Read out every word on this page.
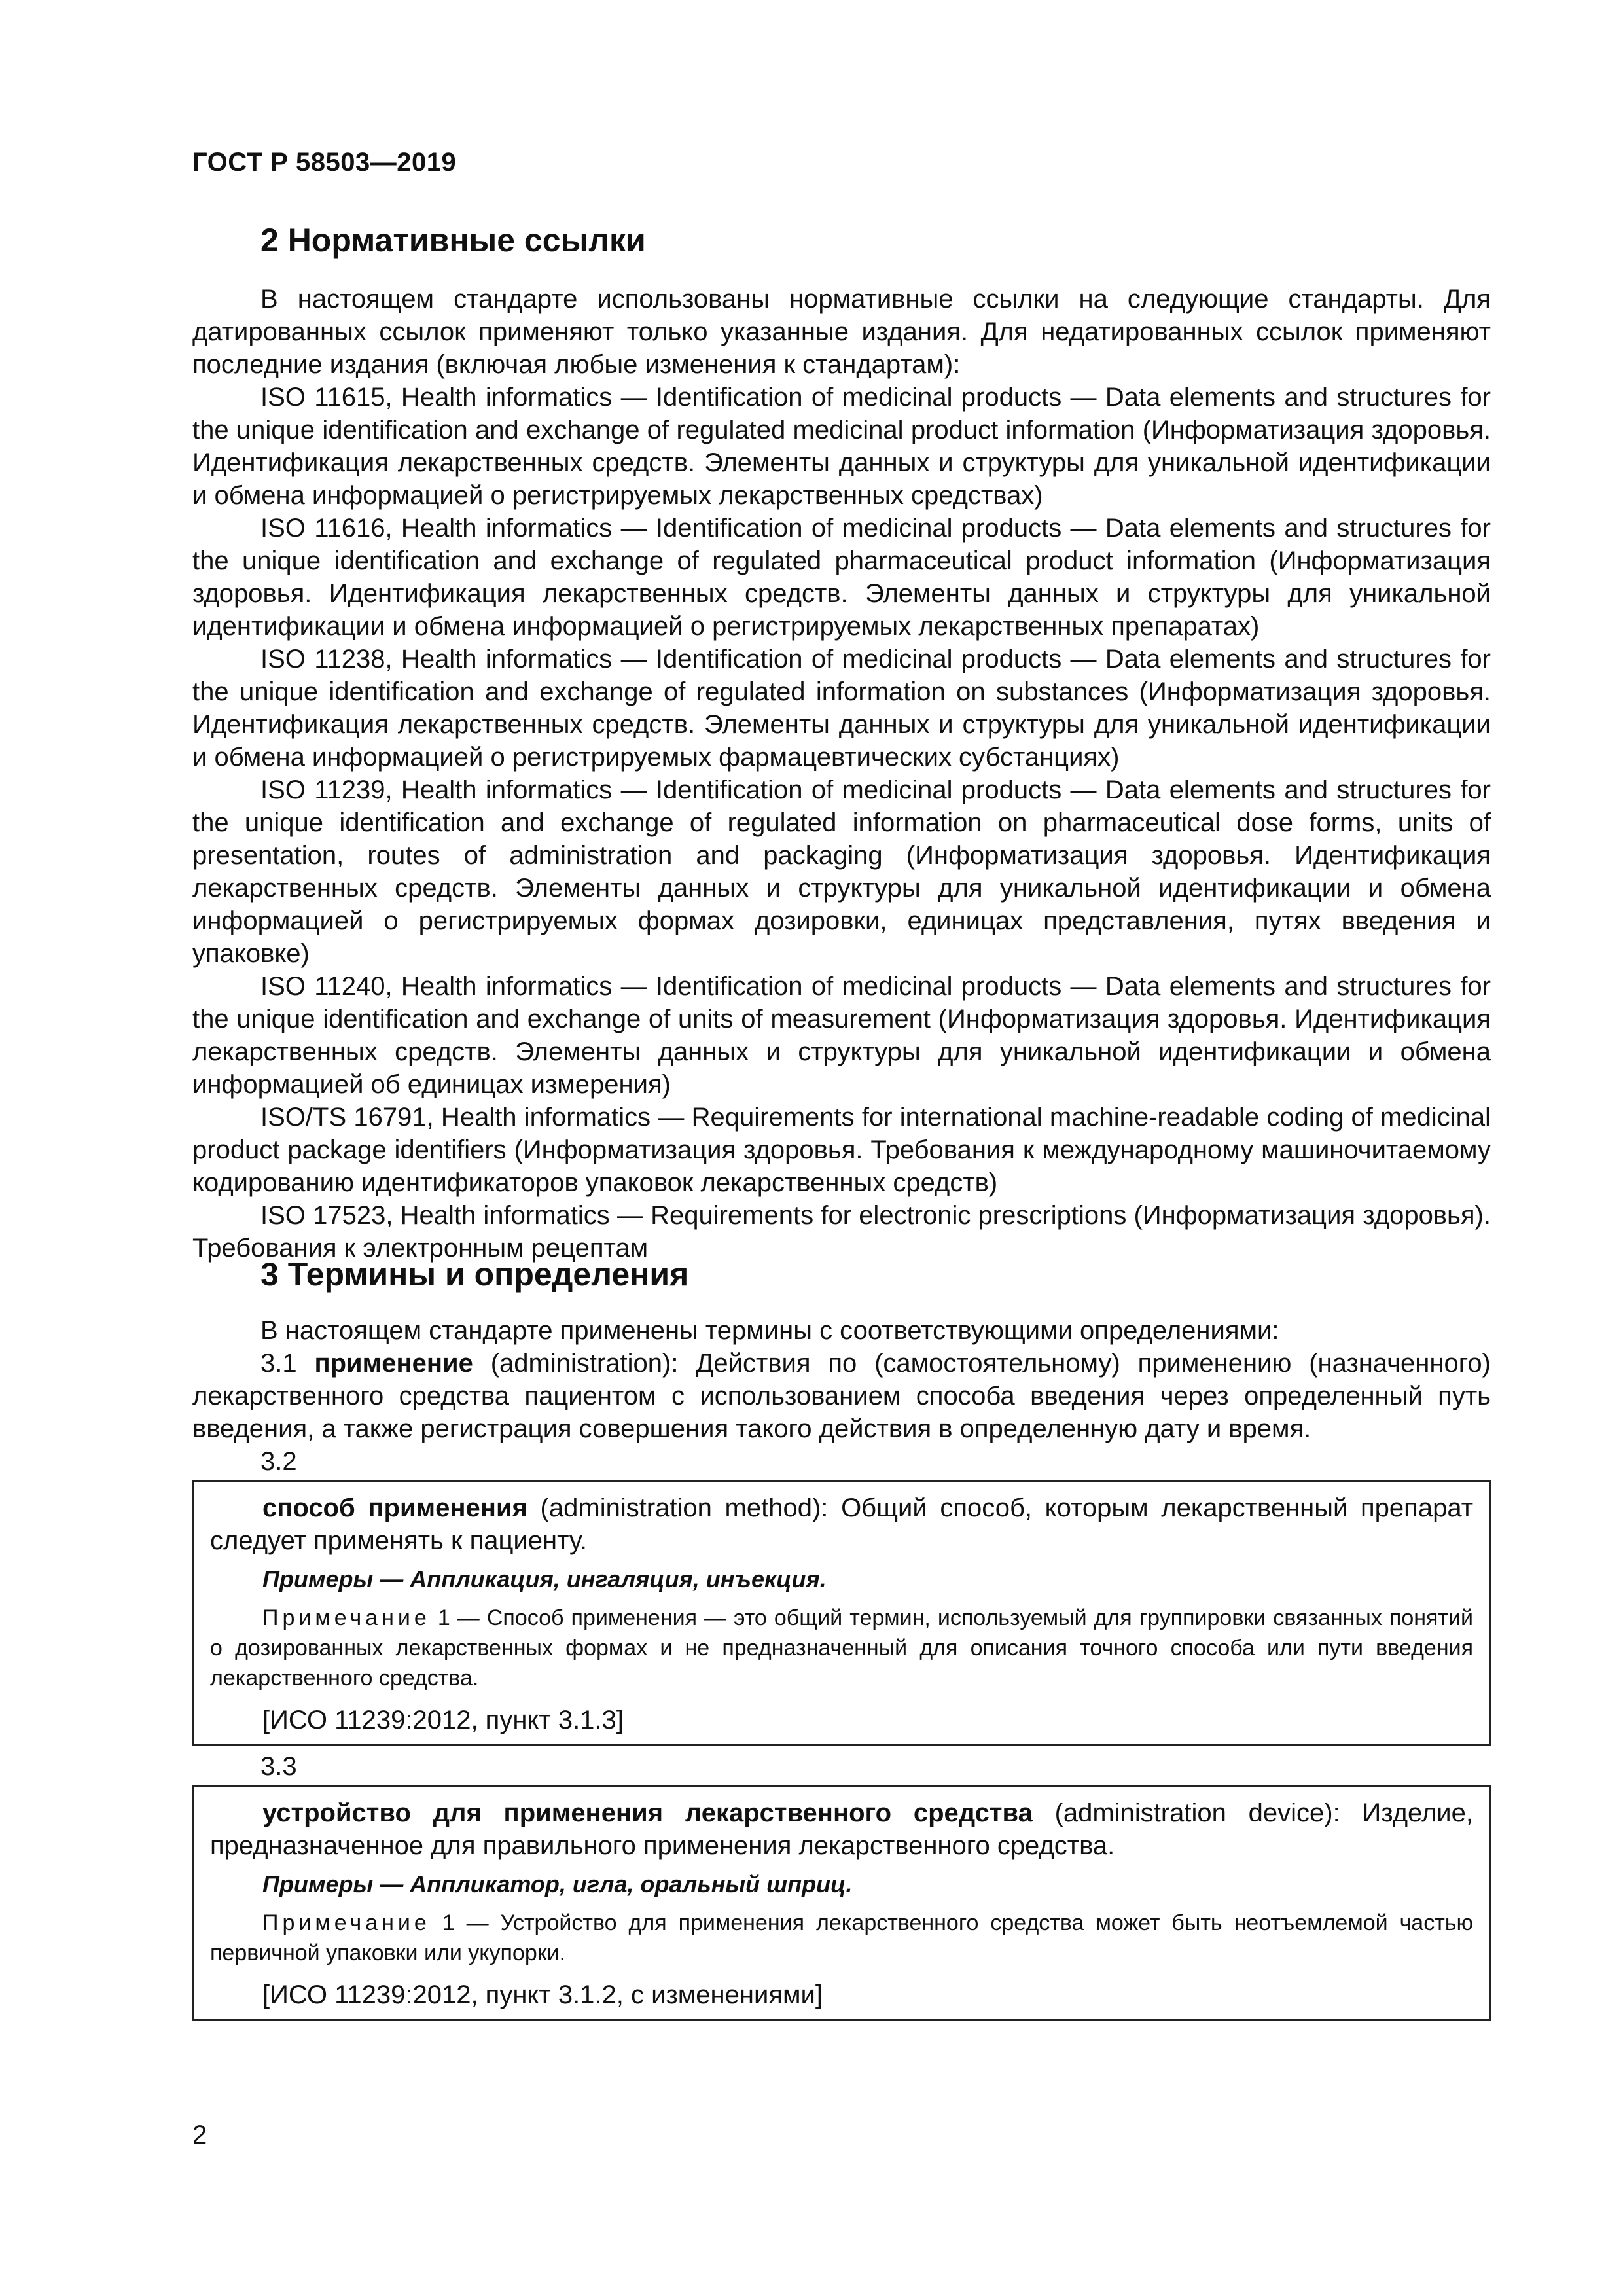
ГОСТ Р 58503—2019
2 Нормативные ссылки

В настоящем стандарте использованы нормативные ссылки на следующие стандарты. Для датированных ссылок применяют только указанные издания. Для недатированных ссылок применяют последние издания (включая любые изменения к стандартам):

ISO 11615, Health informatics — Identification of medicinal products — Data elements and structures for the unique identification and exchange of regulated medicinal product information (Информатизация здоровья. Идентификация лекарственных средств. Элементы данных и структуры для уникальной идентификации и обмена информацией о регистрируемых лекарственных средствах)

ISO 11616, Health informatics — Identification of medicinal products — Data elements and structures for the unique identification and exchange of regulated pharmaceutical product information (Информатизация здоровья. Идентификация лекарственных средств. Элементы данных и структуры для уникальной идентификации и обмена информацией о регистрируемых лекарственных препаратах)

ISO 11238, Health informatics — Identification of medicinal products — Data elements and structures for the unique identification and exchange of regulated information on substances (Информатизация здоровья. Идентификация лекарственных средств. Элементы данных и структуры для уникальной идентификации и обмена информацией о регистрируемых фармацевтических субстанциях)

ISO 11239, Health informatics — Identification of medicinal products — Data elements and structures for the unique identification and exchange of regulated information on pharmaceutical dose forms, units of presentation, routes of administration and packaging (Информатизация здоровья. Идентификация лекарственных средств. Элементы данных и структуры для уникальной идентификации и обмена информацией о регистрируемых формах дозировки, единицах представления, путях введения и упаковке)

ISO 11240, Health informatics — Identification of medicinal products — Data elements and structures for the unique identification and exchange of units of measurement (Информатизация здоровья. Идентификация лекарственных средств. Элементы данных и структуры для уникальной идентификации и обмена информацией об единицах измерения)

ISO/TS 16791, Health informatics — Requirements for international machine-readable coding of medicinal product package identifiers (Информатизация здоровья. Требования к международному машиночитаемому кодированию идентификаторов упаковок лекарственных средств)

ISO 17523, Health informatics — Requirements for electronic prescriptions (Информатизация здоровья). Требования к электронным рецептам

3 Термины и определения

В настоящем стандарте применены термины с соответствующими определениями:

3.1 применение (administration): Действия по (самостоятельному) применению (назначенного) лекарственного средства пациентом с использованием способа введения через определенный путь введения, а также регистрация совершения такого действия в определенную дату и время.

3.2

способ применения (administration method): Общий способ, которым лекарственный препарат следует применять к пациенту.

Примеры — Аппликация, ингаляция, инъекция.

Примечание 1 — Способ применения — это общий термин, используемый для группировки связанных понятий о дозированных лекарственных формах и не предназначенный для описания точного способа или пути введения лекарственного средства.

[ИСО 11239:2012, пункт 3.1.3]

3.3

устройство для применения лекарственного средства (administration device): Изделие, предназначенное для правильного применения лекарственного средства.

Примеры — Аппликатор, игла, оральный шприц.

Примечание 1 — Устройство для применения лекарственного средства может быть неотъемлемой частью первичной упаковки или укупорки.

[ИСО 11239:2012, пункт 3.1.2, с изменениями]

2
